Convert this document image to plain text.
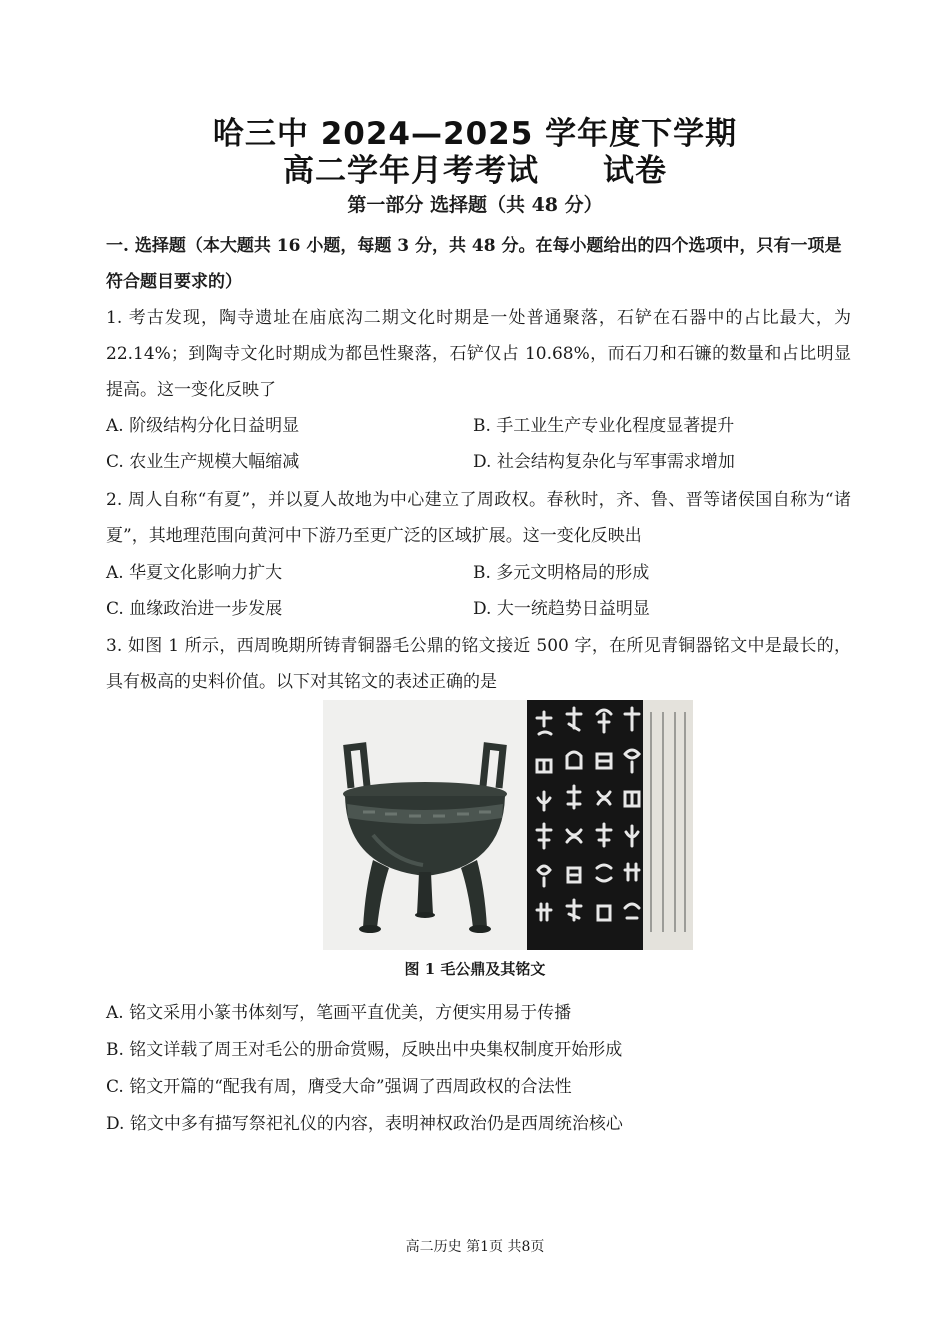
哈三中 2024—2025 学年度下学期
高二学年月考考试 试卷
第一部分 选择题（共 48 分）
一. 选择题（本大题共 16 小题，每题 3 分，共 48 分。在每小题给出的四个选项中，只有一项是符合题目要求的）

1. 考古发现，陶寺遗址在庙底沟二期文化时期是一处普通聚落，石铲在石器中的占比最大，为 22.14%；到陶寺文化时期成为都邑性聚落，石铲仅占 10.68%，而石刀和石镰的数量和占比明显提高。这一变化反映了

A. 阶级结构分化日益明显	B. 手工业生产专业化程度显著提升
C. 农业生产规模大幅缩减	D. 社会结构复杂化与军事需求增加

2. 周人自称“有夏”，并以夏人故地为中心建立了周政权。春秋时，齐、鲁、晋等诸侯国自称为“诸夏”，其地理范围向黄河中下游乃至更广泛的区域扩展。这一变化反映出

A. 华夏文化影响力扩大	B. 多元文明格局的形成
C. 血缘政治进一步发展	D. 大一统趋势日益明显

3. 如图 1 所示，西周晚期所铸青铜器毛公鼎的铭文接近 500 字，在所见青铜器铭文中是最长的，具有极高的史料价值。以下对其铭文的表述正确的是

图 1 毛公鼎及其铭文
A. 铭文采用小篆书体刻写，笔画平直优美，方便实用易于传播
B. 铭文详载了周王对毛公的册命赏赐，反映出中央集权制度开始形成
C. 铭文开篇的“配我有周，膺受大命”强调了西周政权的合法性
D. 铭文中多有描写祭祀礼仪的内容，表明神权政治仍是西周统治核心
高二历史 第1页 共8页
